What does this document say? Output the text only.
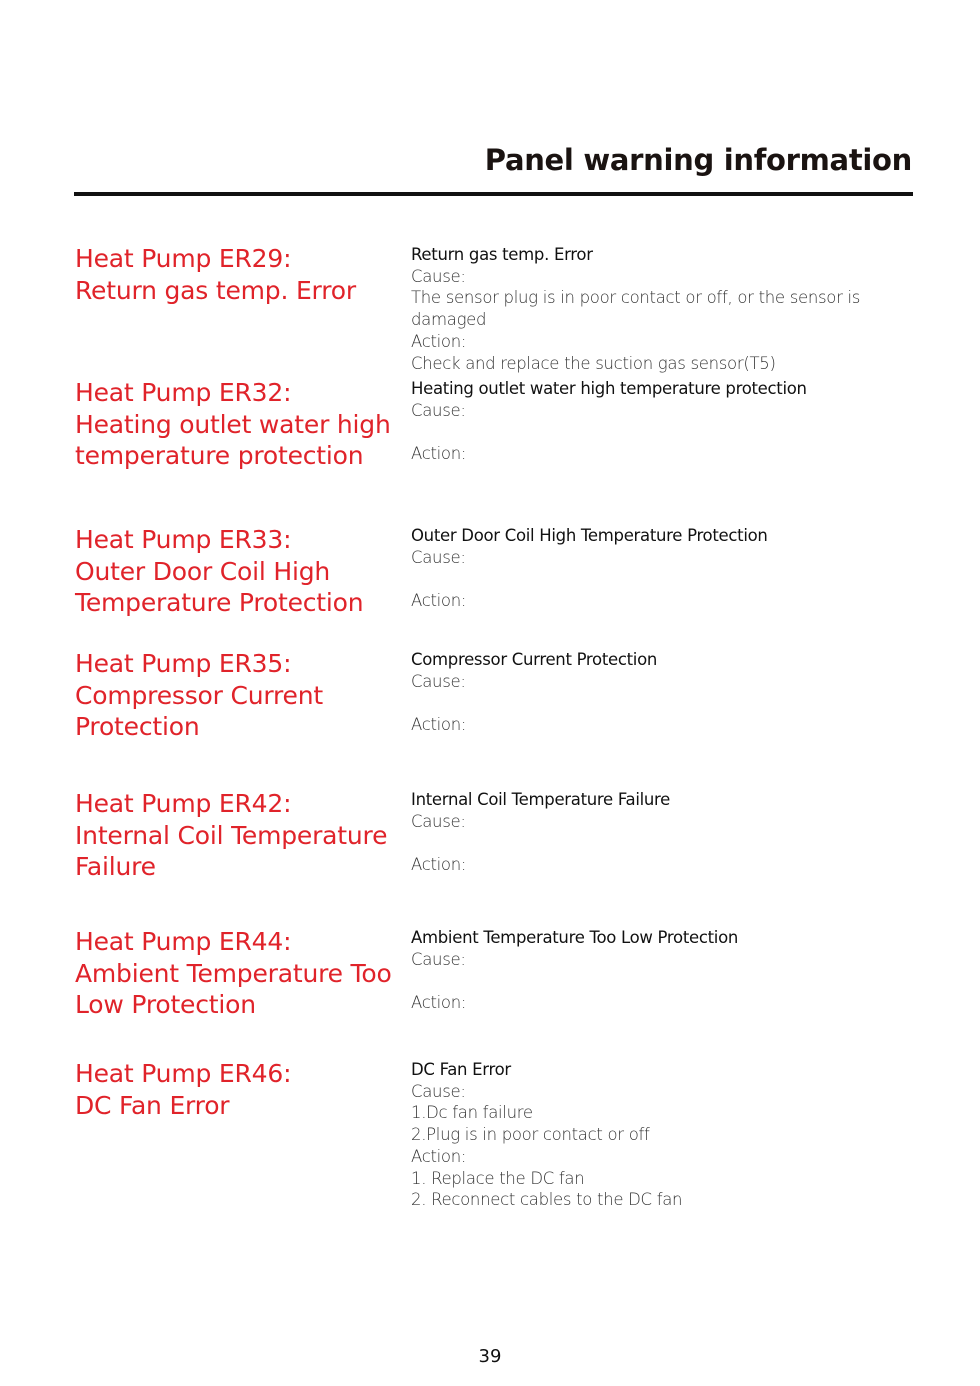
Panel warning information
Heat Pump ER29:
Return gas temp. Error
Return gas temp. Error
Cause:
The sensor plug is in poor contact or off, or the sensor is damaged
Action:
Check and replace the suction gas sensor(T5)
Heat Pump ER32:
Heating outlet water high temperature protection
Heating outlet water high temperature protection
Cause:
Action:
Heat Pump ER33:
Outer Door Coil High Temperature Protection
Outer Door Coil High Temperature Protection
Cause:
Action:
Heat Pump ER35:
Compressor Current Protection
Compressor Current Protection
Cause:
Action:
Heat Pump ER42:
Internal Coil Temperature Failure
Internal Coil Temperature Failure
Cause:
Action:
Heat Pump ER44:
Ambient Temperature Too Low Protection
Ambient Temperature Too Low Protection
Cause:
Action:
Heat Pump ER46:
DC Fan Error
DC Fan Error
Cause:
1.Dc fan failure
2.Plug is in poor contact or off
Action:
1. Replace the DC fan
2. Reconnect cables to the DC fan
39
